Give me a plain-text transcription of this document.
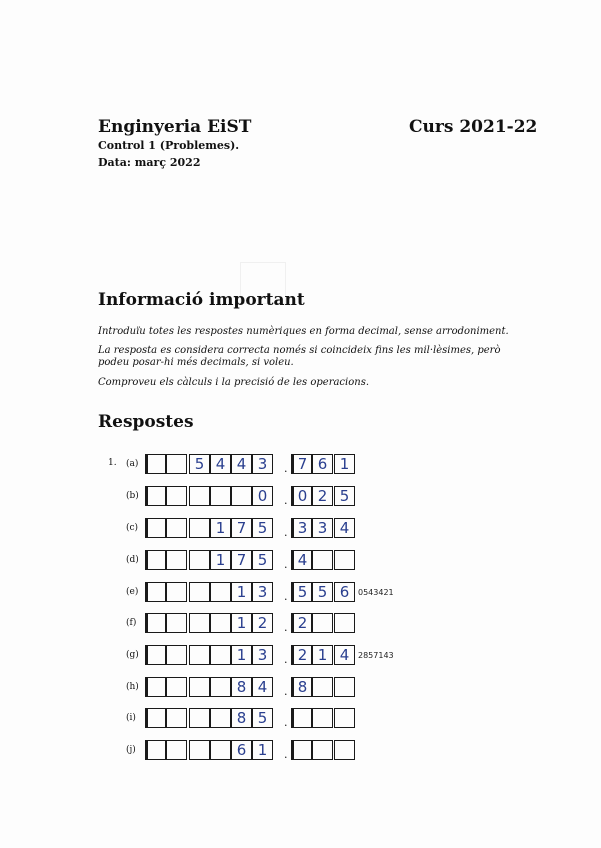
Enginyeria EiST	Curs 2021-22
Control 1 (Problemes).
Data: març 2022
Informació important
Introduïu totes les respostes numèriques en forma decimal, sense arrodoniment.
La resposta es considera correcta només si coincideix fins les mil·lèsimes, però podeu posar-hi més decimals, si voleu.
Comproveu els càlculs i la precisió de les operacions.
Respostes
1. (a)	5 4 4 3	. 7 6 1
(b)	0	. 0 2 5
(c)	1 7 5	. 3 3 4
(d)	1 7 5	. 4
(e)	1 3	. 5 5 6	0543421
(f)	1 2	. 2
(g)	1 3	. 2 1 4	2857143
(h)	8 4	. 8
(i)	8 5	.
(j)	6 1	.
